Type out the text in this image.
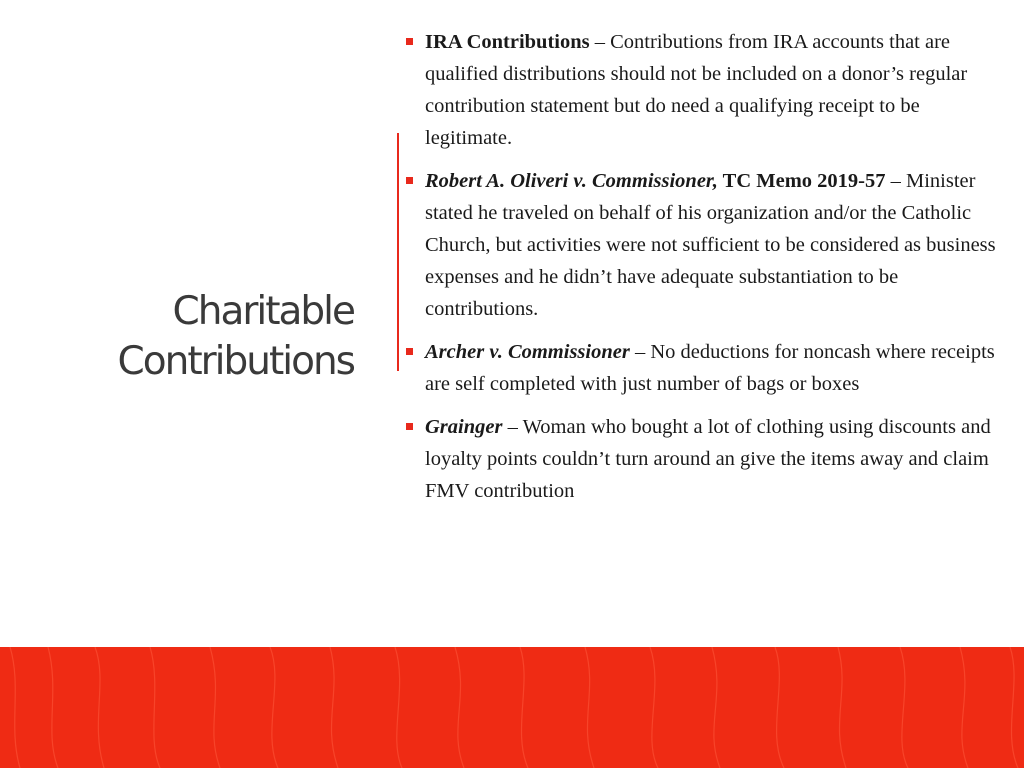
Charitable
Contributions
IRA Contributions – Contributions from IRA accounts that are qualified distributions should not be included on a donor’s regular contribution statement but do need a qualifying receipt to be legitimate.
Robert A. Oliveri v. Commissioner, TC Memo 2019-57 – Minister stated he traveled on behalf of his organization and/or the Catholic Church, but activities were not sufficient to be considered as business expenses and he didn’t have adequate substantiation to be contributions.
Archer v. Commissioner – No deductions for noncash where receipts are self completed with just number of bags or boxes
Grainger – Woman who bought a lot of clothing using discounts and loyalty points couldn’t turn around an give the items away and claim FMV contribution
